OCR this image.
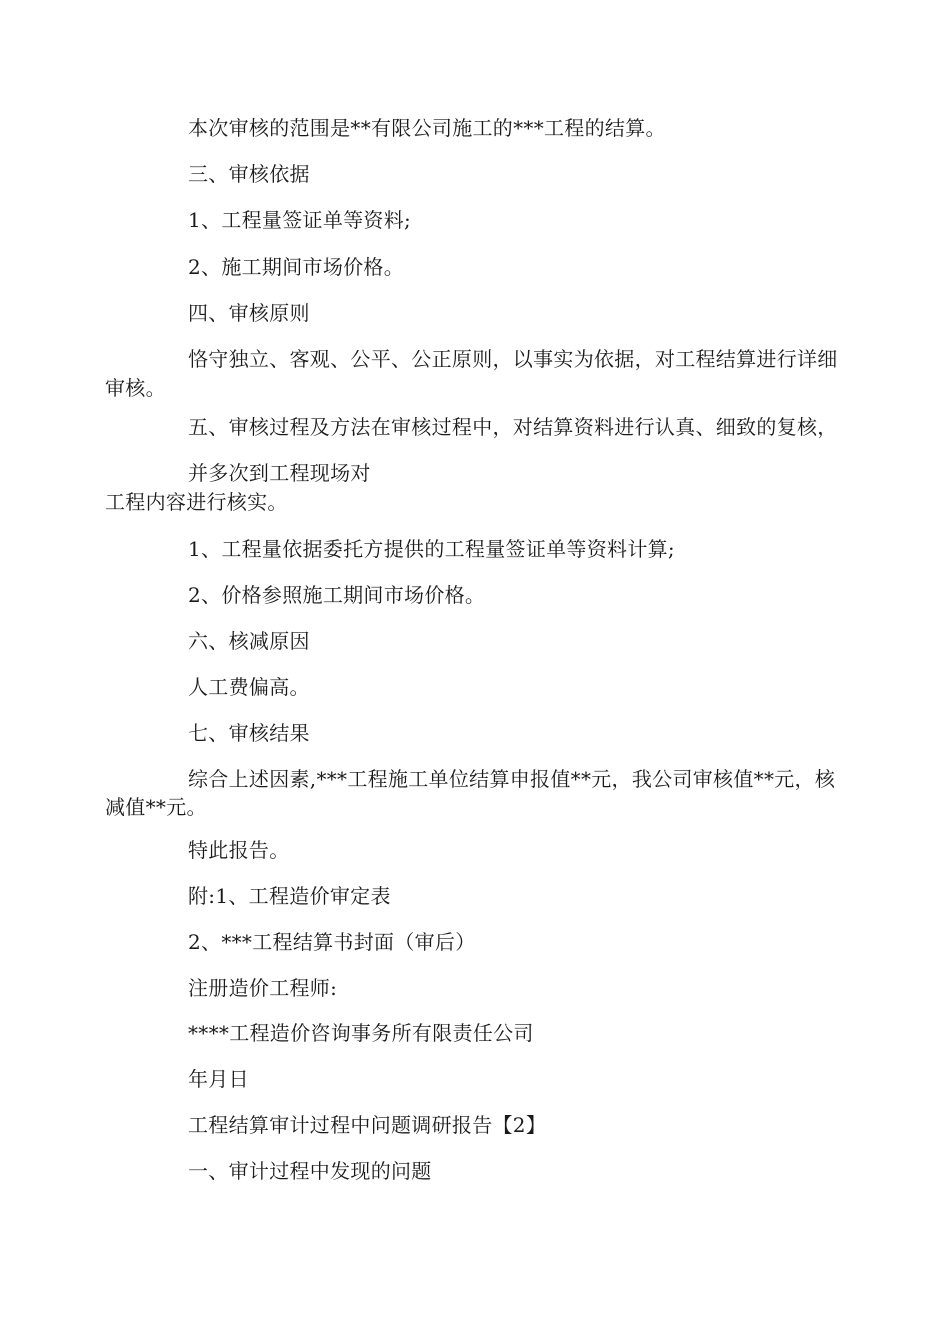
本次审核的范围是**有限公司施工的***工程的结算。
三、审核依据
1、工程量签证单等资料;
2、施工期间市场价格。
四、审核原则
恪守独立、客观、公平、公正原则，以事实为依据，对工程结算进行详细
审核。
五、审核过程及方法在审核过程中，对结算资料进行认真、细致的复核，
并多次到工程现场对
工程内容进行核实。
1、工程量依据委托方提供的工程量签证单等资料计算;
2、价格参照施工期间市场价格。
六、核减原因
人工费偏高。
七、审核结果
综合上述因素,***工程施工单位结算申报值**元，我公司审核值**元，核
减值**元。
特此报告。
附:1、工程造价审定表
2、***工程结算书封面（审后）
注册造价工程师:
****工程造价咨询事务所有限责任公司
年月日
工程结算审计过程中问题调研报告【2】
一、审计过程中发现的问题
